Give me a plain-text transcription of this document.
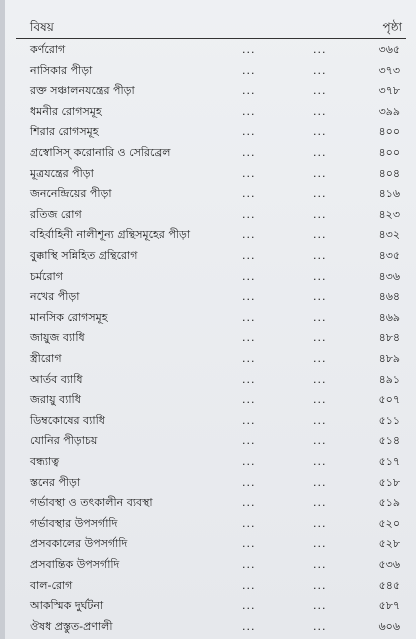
বিষয়	পৃষ্ঠা
কর্ণরোগ	...	...	৩৬৫
নাসিকার পীড়া	...	...	৩৭৩
রক্ত সঞ্চালনযন্ত্রের পীড়া	...	...	৩৭৮
ধমনীর রোগসমূহ	...	...	৩৯৯
শিরার রোগসমূহ	...	...	৪০০
গ্রস্বোসিস্ করোনারি ও সেরিব্রেল	...	...	৪০০
মূত্রযন্ত্রের পীড়া	...	...	৪০৪
জননেন্দ্রিয়ের পীড়া	...	...	৪১৬
রতিজ রোগ	...	...	৪২৩
বহির্বাহিনী নালীশূন্য গ্রন্থিসমূহের পীড়া	...	...	৪৩২
বুক্কাস্থি সন্নিহিত গ্রন্থিরোগ	...	...	৪৩৫
চর্মরোগ	...	...	৪৩৬
নখের পীড়া	...	...	৪৬৪
মানসিক রোগসমূহ	...	...	৪৬৯
জায়ুজ ব্যাধি	...	...	৪৮৪
স্ত্রীরোগ	...	...	৪৮৯
আর্তব ব্যাধি	...	...	৪৯১
জরায়ু ব্যাধি	...	...	৫০৭
ডিম্বকোষের ব্যাধি	...	...	৫১১
যোনির পীড়াচয়	...	...	৫১৪
বন্ধ্যাত্ব	...	...	৫১৭
স্তনের পীড়া	...	...	৫১৮
গর্ভাবস্থা ও তৎকালীন ব্যবস্থা	...	...	৫১৯
গর্ভাবস্থার উপসর্গাদি	...	...	৫২০
প্রসবকালের উপসর্গাদি	...	...	৫২৮
প্রসবান্তিক উপসর্গাদি	...	...	৫৩৬
বাল-রোগ	...	...	৫৪৫
আকস্মিক দুর্ঘটনা	...	...	৫৮৭
ঔষধ প্রস্তুত-প্রণালী	...	...	৬০৬
